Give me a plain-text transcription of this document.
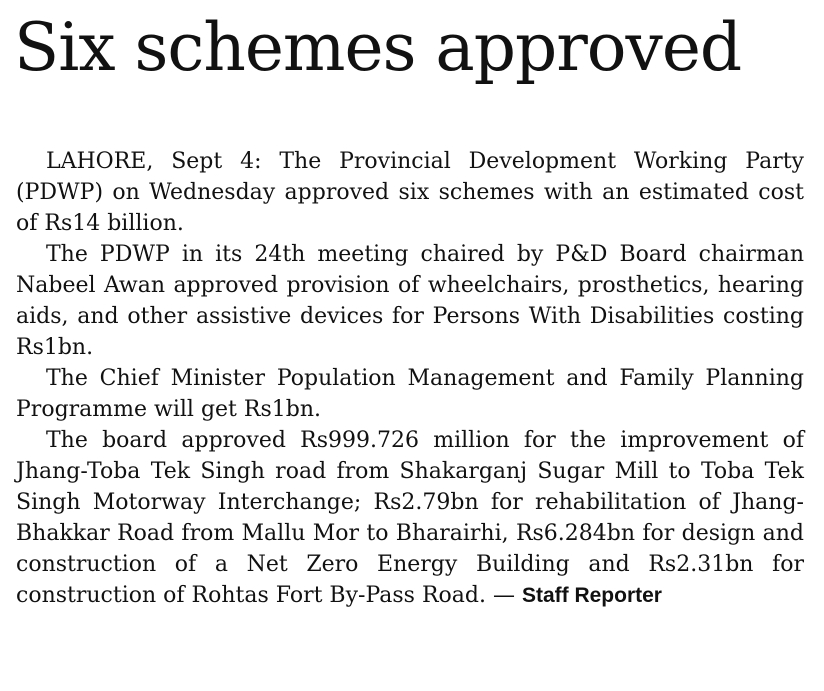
Six schemes approved

LAHORE, Sept 4: The Provincial Development Working Party (PDWP) on Wednesday approved six schemes with an estimated cost of Rs14 billion.

The PDWP in its 24th meeting chaired by P&D Board chairman Nabeel Awan approved provision of wheelchairs, prosthetics, hearing aids, and other assistive devices for Persons With Disabilities costing Rs1bn.

The Chief Minister Population Management and Family Planning Programme will get Rs1bn.

The board approved Rs999.726 million for the improvement of Jhang-Toba Tek Singh road from Shakarganj Sugar Mill to Toba Tek Singh Motorway Interchange; Rs2.79bn for rehabilitation of Jhang-Bhakkar Road from Mallu Mor to Bharairhi, Rs6.284bn for design and construction of a Net Zero Energy Building and Rs2.31bn for construction of Rohtas Fort By-Pass Road. — Staff Reporter
